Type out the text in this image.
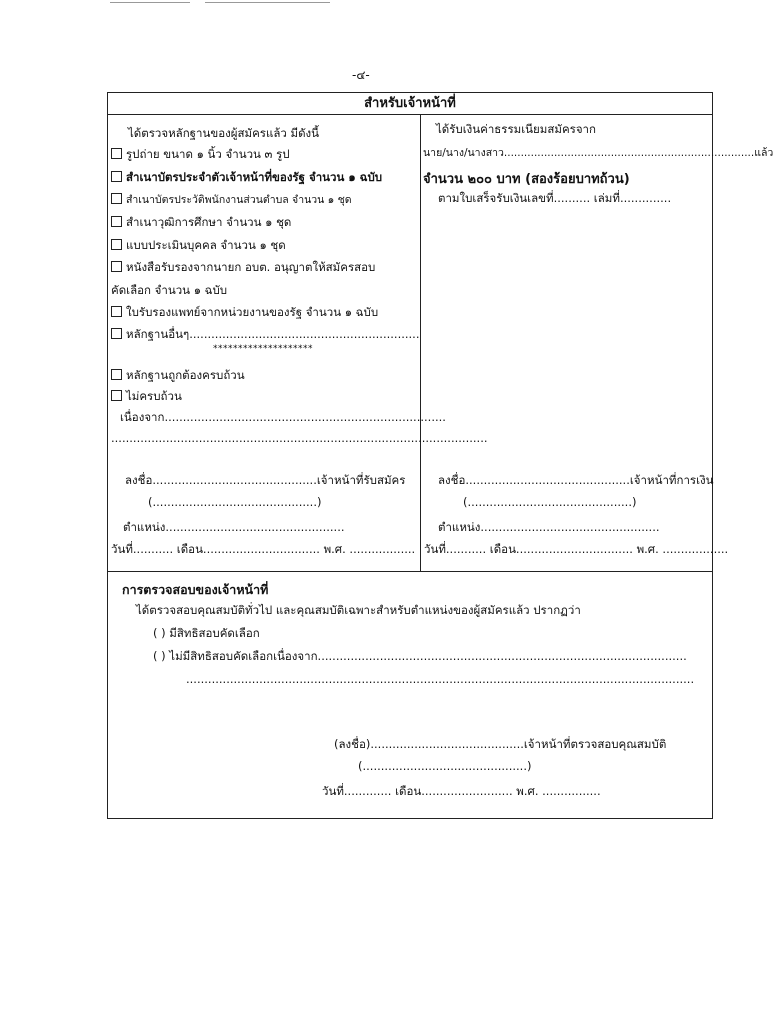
-๔-
สำหรับเจ้าหน้าที่
ได้ตรวจหลักฐานของผู้สมัครแล้ว มีดังนี้
รูปถ่าย ขนาด ๑ นิ้ว จำนวน ๓ รูป
สำเนาบัตรประจำตัวเจ้าหน้าที่ของรัฐ จำนวน ๑ ฉบับ
สำเนาบัตรประวัติพนักงานส่วนตำบล จำนวน ๑ ชุด
สำเนาวุฒิการศึกษา จำนวน ๑ ชุด
แบบประเมินบุคคล จำนวน ๑ ชุด
หนังสือรับรองจากนายก อบต. อนุญาตให้สมัครสอบ
คัดเลือก จำนวน ๑ ฉบับ
ใบรับรองแพทย์จากหน่วยงานของรัฐ จำนวน ๑ ฉบับ
หลักฐานอื่นๆ...............................................................
********************
หลักฐานถูกต้องครบถ้วน
ไม่ครบถ้วน
เนื่องจาก.............................................................................
.......................................................................................................
ลงชื่อ.............................................เจ้าหน้าที่รับสมัคร
(.............................................)
ตำแหน่ง.................................................
วันที่........... เดือน................................ พ.ศ. ..................
ได้รับเงินค่าธรรมเนียมสมัครจาก
นาย/นาง/นางสาว...........................................................................แล้ว
จำนวน ๒๐๐ บาท (สองร้อยบาทถ้วน)
ตามใบเสร็จรับเงินเลขที่.......... เล่มที่..............
ลงชื่อ.............................................เจ้าหน้าที่การเงิน
(.............................................)
ตำแหน่ง.................................................
วันที่........... เดือน................................ พ.ศ. ..................
การตรวจสอบของเจ้าหน้าที่
ได้ตรวจสอบคุณสมบัติทั่วไป และคุณสมบัติเฉพาะสำหรับตำแหน่งของผู้สมัครแล้ว ปรากฏว่า
( ) มีสิทธิสอบคัดเลือก
( ) ไม่มีสิทธิสอบคัดเลือกเนื่องจาก.....................................................................................................
...........................................................................................................................................
(ลงชื่อ)..........................................เจ้าหน้าที่ตรวจสอบคุณสมบัติ
(.............................................)
วันที่............. เดือน......................... พ.ศ. ................
